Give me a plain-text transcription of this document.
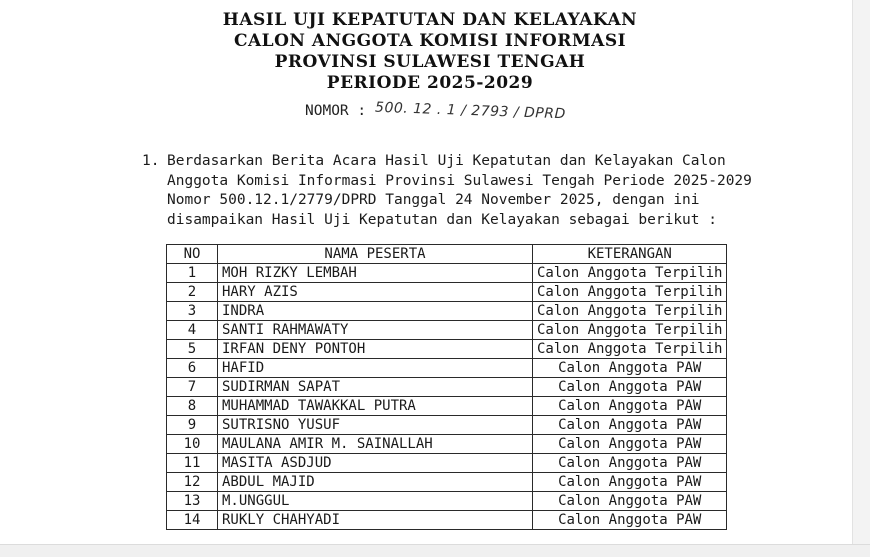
HASIL UJI KEPATUTAN DAN KELAYAKAN
CALON ANGGOTA KOMISI INFORMASI
PROVINSI SULAWESI TENGAH
PERIODE 2025-2029
NOMOR : 500. 12 . 1 / 2793 / DPRD
1. Berdasarkan Berita Acara Hasil Uji Kepatutan dan Kelayakan Calon
Anggota Komisi Informasi Provinsi Sulawesi Tengah Periode 2025-2029
Nomor 500.12.1/2779/DPRD Tanggal 24 November 2025, dengan ini
disampaikan Hasil Uji Kepatutan dan Kelayakan sebagai berikut :
NO	NAMA PESERTA	KETERANGAN
1	MOH RIZKY LEMBAH	Calon Anggota Terpilih
2	HARY AZIS	Calon Anggota Terpilih
3	INDRA	Calon Anggota Terpilih
4	SANTI RAHMAWATY	Calon Anggota Terpilih
5	IRFAN DENY PONTOH	Calon Anggota Terpilih
6	HAFID	Calon Anggota PAW
7	SUDIRMAN SAPAT	Calon Anggota PAW
8	MUHAMMAD TAWAKKAL PUTRA	Calon Anggota PAW
9	SUTRISNO YUSUF	Calon Anggota PAW
10	MAULANA AMIR M. SAINALLAH	Calon Anggota PAW
11	MASITA ASDJUD	Calon Anggota PAW
12	ABDUL MAJID	Calon Anggota PAW
13	M.UNGGUL	Calon Anggota PAW
14	RUKLY CHAHYADI	Calon Anggota PAW
